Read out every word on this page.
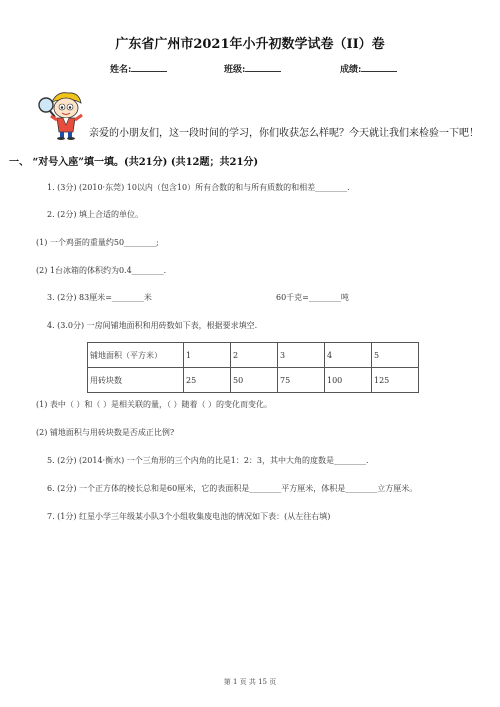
广东省广州市2021年小升初数学试卷（II）卷
姓名:	班级:	成绩:
亲爱的小朋友们，这一段时间的学习，你们收获怎么样呢？今天就让我们来检验一下吧！
一、 “对号入座”填一填。(共21分) (共12题；共21分)
1. (3分) (2010·东莞) 10以内（包含10）所有合数的和与所有质数的和相差________.
2. (2分) 填上合适的单位。
(1) 一个鸡蛋的重量约50________;
(2) 1台冰箱的体积约为0.4________.
3. (2分) 83厘米=________米	60千克=________吨
4. (3.0分) 一房间铺地面积和用砖数如下表，根据要求填空.
铺地面积（平方米）	1	2	3	4	5
用砖块数	25	50	75	100	125
(1) 表中（ ）和（ ）是相关联的量，（ ）随着（ ）的变化而变化。
(2) 铺地面积与用砖块数是否成正比例?
5. (2分) (2014·衡水) 一个三角形的三个内角的比是1：2：3，其中大角的度数是________.
6. (2分) 一个正方体的棱长总和是60厘米，它的表面积是________平方厘米，体积是________立方厘米。
7. (1分) 红星小学三年级某小队3个小组收集废电池的情况如下表：(从左往右填)
第 1 页 共 15 页
